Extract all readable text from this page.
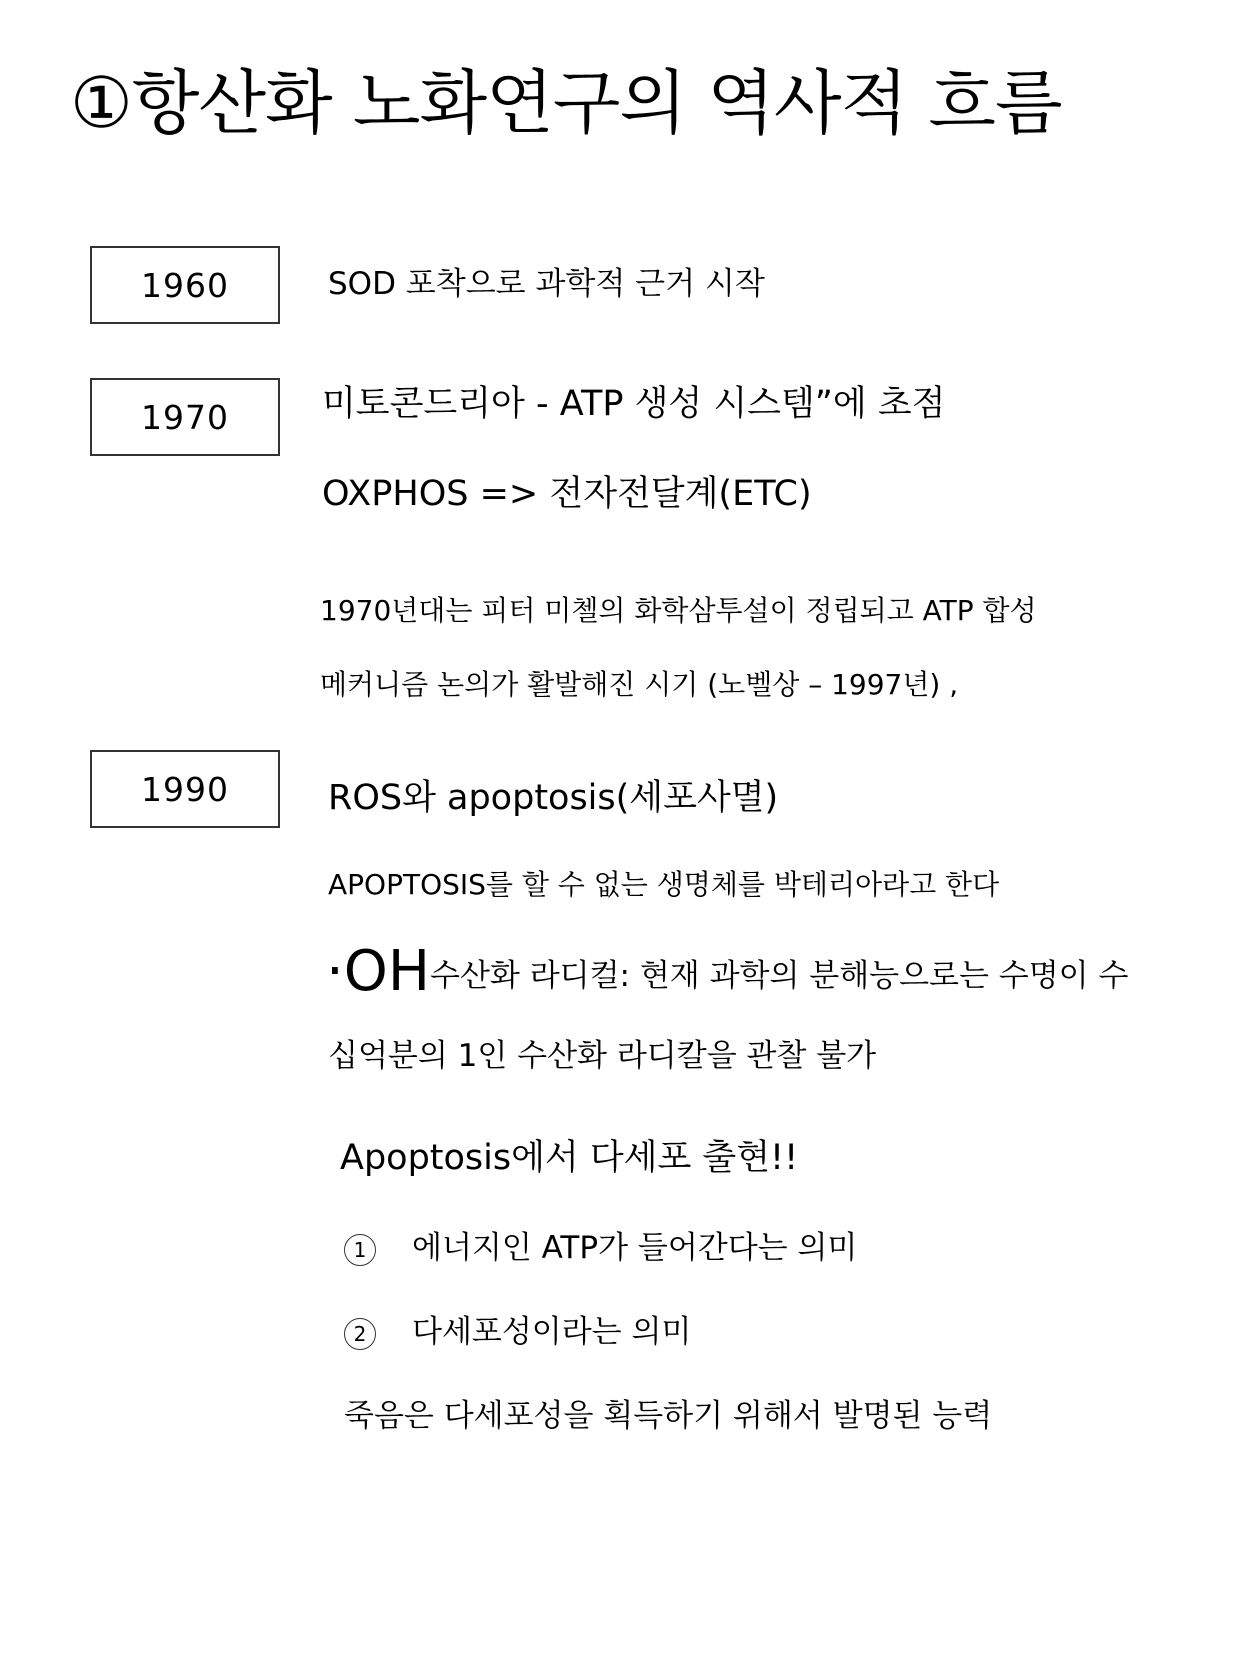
①항산화 노화연구의 역사적 흐름
1960	SOD 포착으로 과학적 근거 시작
1970	미토콘드리아 - ATP 생성 시스템”에 초점
OXPHOS => 전자전달계(ETC)
1970년대는 피터 미첼의 화학삼투설이 정립되고 ATP 합성
메커니즘 논의가 활발해진 시기 (노벨상 – 1997년) ,
1990	ROS와 apoptosis(세포사멸)
APOPTOSIS를 할 수 없는 생명체를 박테리아라고 한다
·OH수산화 라디컬: 현재 과학의 분해능으로는 수명이 수
십억분의 1인 수산화 라디칼을 관찰 불가
Apoptosis에서 다세포 출현!!
1 에너지인 ATP가 들어간다는 의미
2 다세포성이라는 의미
죽음은 다세포성을 획득하기 위해서 발명된 능력
